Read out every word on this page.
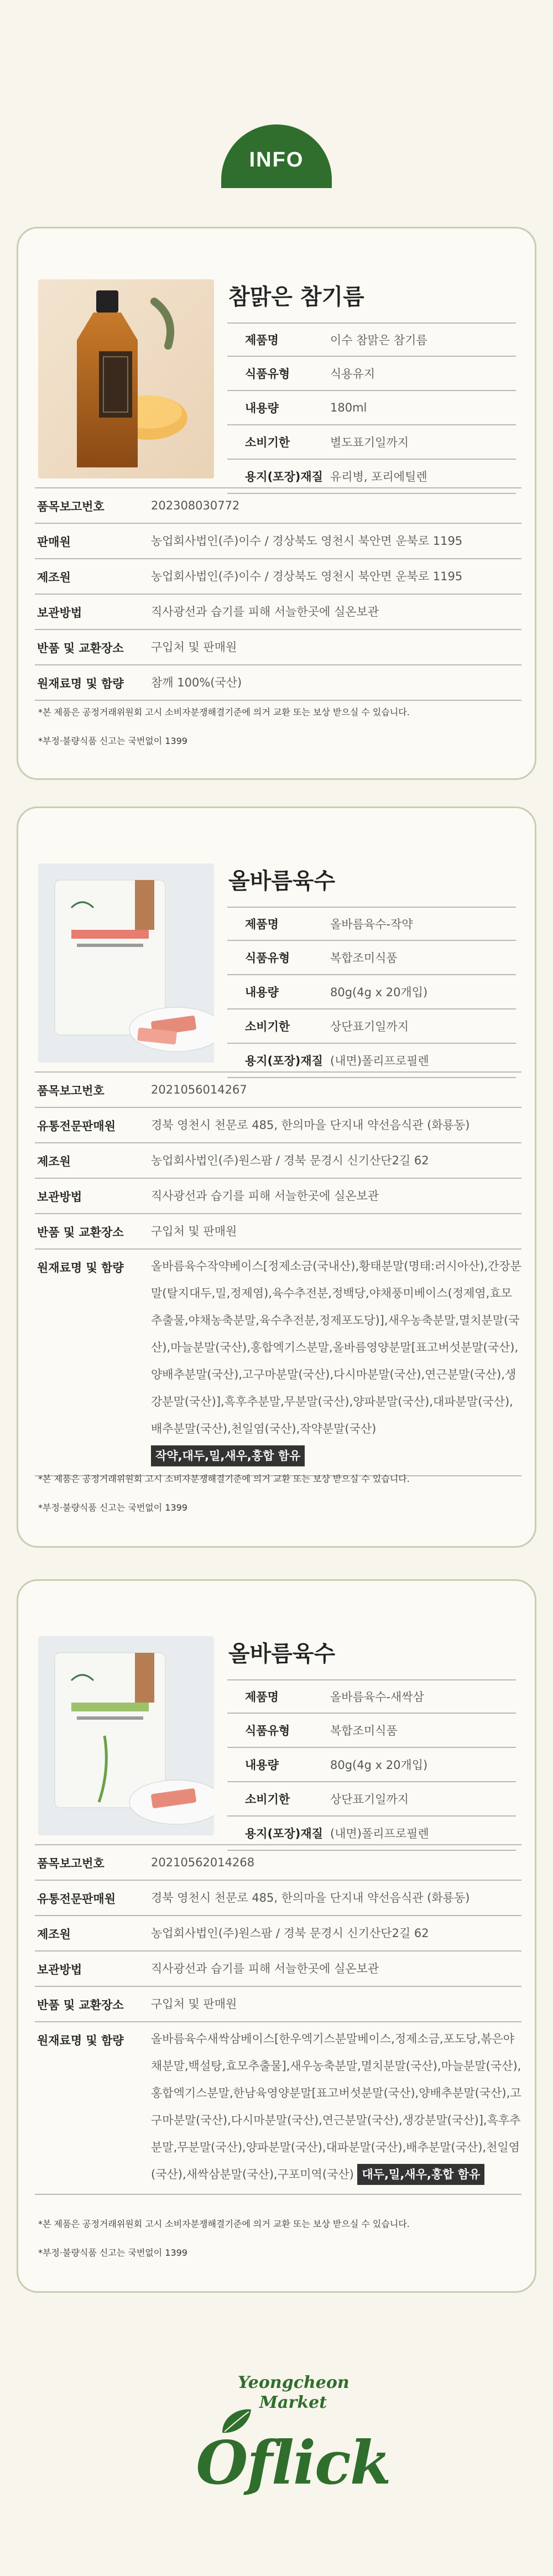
INFO
참맑은 참기름
제품명	이수 참맑은 참기름
식품유형	식용유지
내용량	180ml
소비기한	별도표기일까지
용지(포장)재질 유리병, 포리에틸렌
품목보고번호	202308030772
판매원	농업회사법인(주)이수 / 경상북도 영천시 북안면 운북로 1195
제조원	농업회사법인(주)이수 / 경상북도 영천시 북안면 운북로 1195
보관방법	직사광선과 습기를 피해 서늘한곳에 실온보관
반품 및 교환장소	구입처 및 판매원
원재료명 및 함량	참깨 100%(국산)

*본 제품은 공정거래위원회 고시 소비자분쟁해결기준에 의거 교환 또는 보상 받으실 수 있습니다.

*부정·불량식품 신고는 국번없이 1399

올바름육수
제품명	올바름육수-작약
식품유형	복합조미식품
내용량	80g(4g x 20개입)
소비기한	상단표기일까지
용지(포장)재질 (내면)폴리프로필렌
품목보고번호	2021056014267
유통전문판매원	경북 영천시 천문로 485, 한의마을 단지내 약선음식관 (화룡동)
제조원	농업회사법인(주)원스팜 / 경북 문경시 신기산단2길 62
보관방법	직사광선과 습기를 피해 서늘한곳에 실온보관
반품 및 교환장소	구입처 및 판매원
원재료명 및 함량	올바름육수작약베이스[정제소금(국내산),황태분말(명태:러시아산),간장분말(탈지대두,밀,정제염),육수추전분,정백당,야채풍미베이스(정제염,효모추출물,야채농축분말,육수추전분,정제포도당)],새우농축분말,멸치분말(국산),마늘분말(국산),홍합엑기스분말,올바름영양분말[표고버섯분말(국산),양배추분말(국산),고구마분말(국산),다시마분말(국산),연근분말(국산),생강분말(국산)],흑후추분말,무분말(국산),양파분말(국산),대파분말(국산),배추분말(국산),천일염(국산),작약분말(국산) 작약,대두,밀,새우,홍합 함유

*본 제품은 공정거래위원회 고시 소비자분쟁해결기준에 의거 교환 또는 보상 받으실 수 있습니다.

*부정·불량식품 신고는 국번없이 1399

올바름육수
제품명	올바름육수-새싹삼
식품유형	복합조미식품
내용량	80g(4g x 20개입)
소비기한	상단표기일까지
용지(포장)재질 (내면)폴리프로필렌
품목보고번호	20210562014268
유통전문판매원	경북 영천시 천문로 485, 한의마을 단지내 약선음식관 (화룡동)
제조원	농업회사법인(주)원스팜 / 경북 문경시 신기산단2길 62
보관방법	직사광선과 습기를 피해 서늘한곳에 실온보관
반품 및 교환장소	구입처 및 판매원
원재료명 및 함량	올바름육수새싹삼베이스[한우엑기스분말베이스,정제소금,포도당,볶은야채분말,백설탕,효모추출물],새우농축분말,멸치분말(국산),마늘분말(국산),홍합엑기스분말,한남육영양분말[표고버섯분말(국산),양배추분말(국산),고구마분말(국산),다시마분말(국산),연근분말(국산),생강분말(국산)],흑후추분말,무분말(국산),양파분말(국산),대파분말(국산),배추분말(국산),천일염(국산),새싹삼분말(국산),구포미역(국산) 대두,밀,새우,홍합 함유

*본 제품은 공정거래위원회 고시 소비자분쟁해결기준에 의거 교환 또는 보상 받으실 수 있습니다.

*부정·불량식품 신고는 국번없이 1399

Yeongcheon
Market
Oflick
